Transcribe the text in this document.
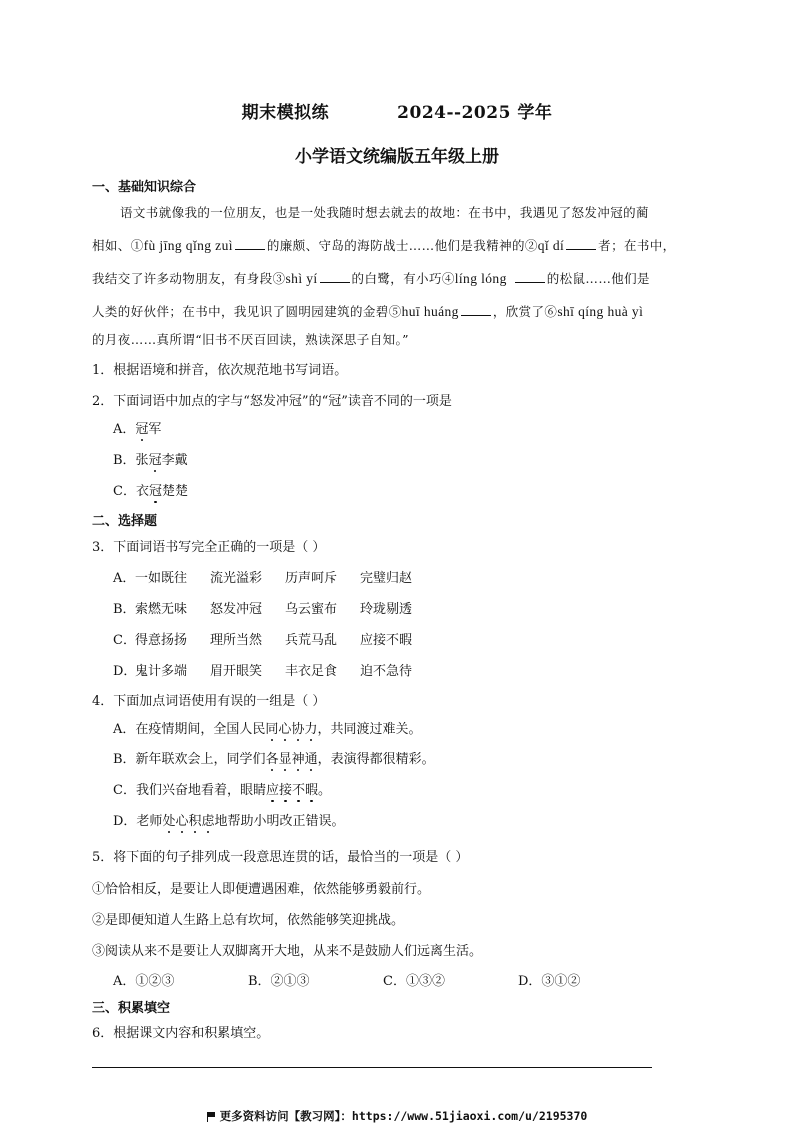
期末模拟练	2024--2025 学年
小学语文统编版五年级上册
一、基础知识综合
语文书就像我的一位朋友，也是一处我随时想去就去的故地：在书中，我遇见了怒发冲冠的蔺
相如、①fù jīng qǐng zuì	的廉颇、守岛的海防战士……他们是我精神的②qǐ dí	者；在书中，
我结交了许多动物朋友，有身段③shì yí	的白鹭，有小巧④líng lóng	的松鼠……他们是
人类的好伙伴；在书中，我见识了圆明园建筑的金碧⑤huī huáng	，欣赏了⑥shī qíng huà yì
的月夜……真所谓“旧书不厌百回读，熟读深思子自知。”
1．根据语境和拼音，依次规范地书写词语。
2．下面词语中加点的字与“怒发冲冠”的“冠”读音不同的一项是
A．冠军
B．张冠李戴
C．衣冠楚楚
二、选择题
3．下面词语书写完全正确的一项是（ ）
A．一如既往 流光溢彩 历声呵斥 完璧归赵
B．索燃无味 怒发冲冠 乌云蜜布 玲珑剔透
C．得意扬扬 理所当然 兵荒马乱 应接不暇
D．鬼计多端 眉开眼笑 丰衣足食 迫不急待
4．下面加点词语使用有误的一组是（ ）
A．在疫情期间，全国人民同心协力，共同渡过难关。
B．新年联欢会上，同学们各显神通，表演得都很精彩。
C．我们兴奋地看着，眼睛应接不暇。
D．老师处心积虑地帮助小明改正错误。
5．将下面的句子排列成一段意思连贯的话，最恰当的一项是（ ）
①恰恰相反，是要让人即便遭遇困难，依然能够勇毅前行。
②是即便知道人生路上总有坎坷，依然能够笑迎挑战。
③阅读从来不是要让人双脚离开大地，从来不是鼓励人们远离生活。
A．①②③	B．②①③	C．①③②	D．③①②
三、积累填空
6．根据课文内容和积累填空。
更多资料访问【教习网】：https://www.51jiaoxi.com/u/2195370
